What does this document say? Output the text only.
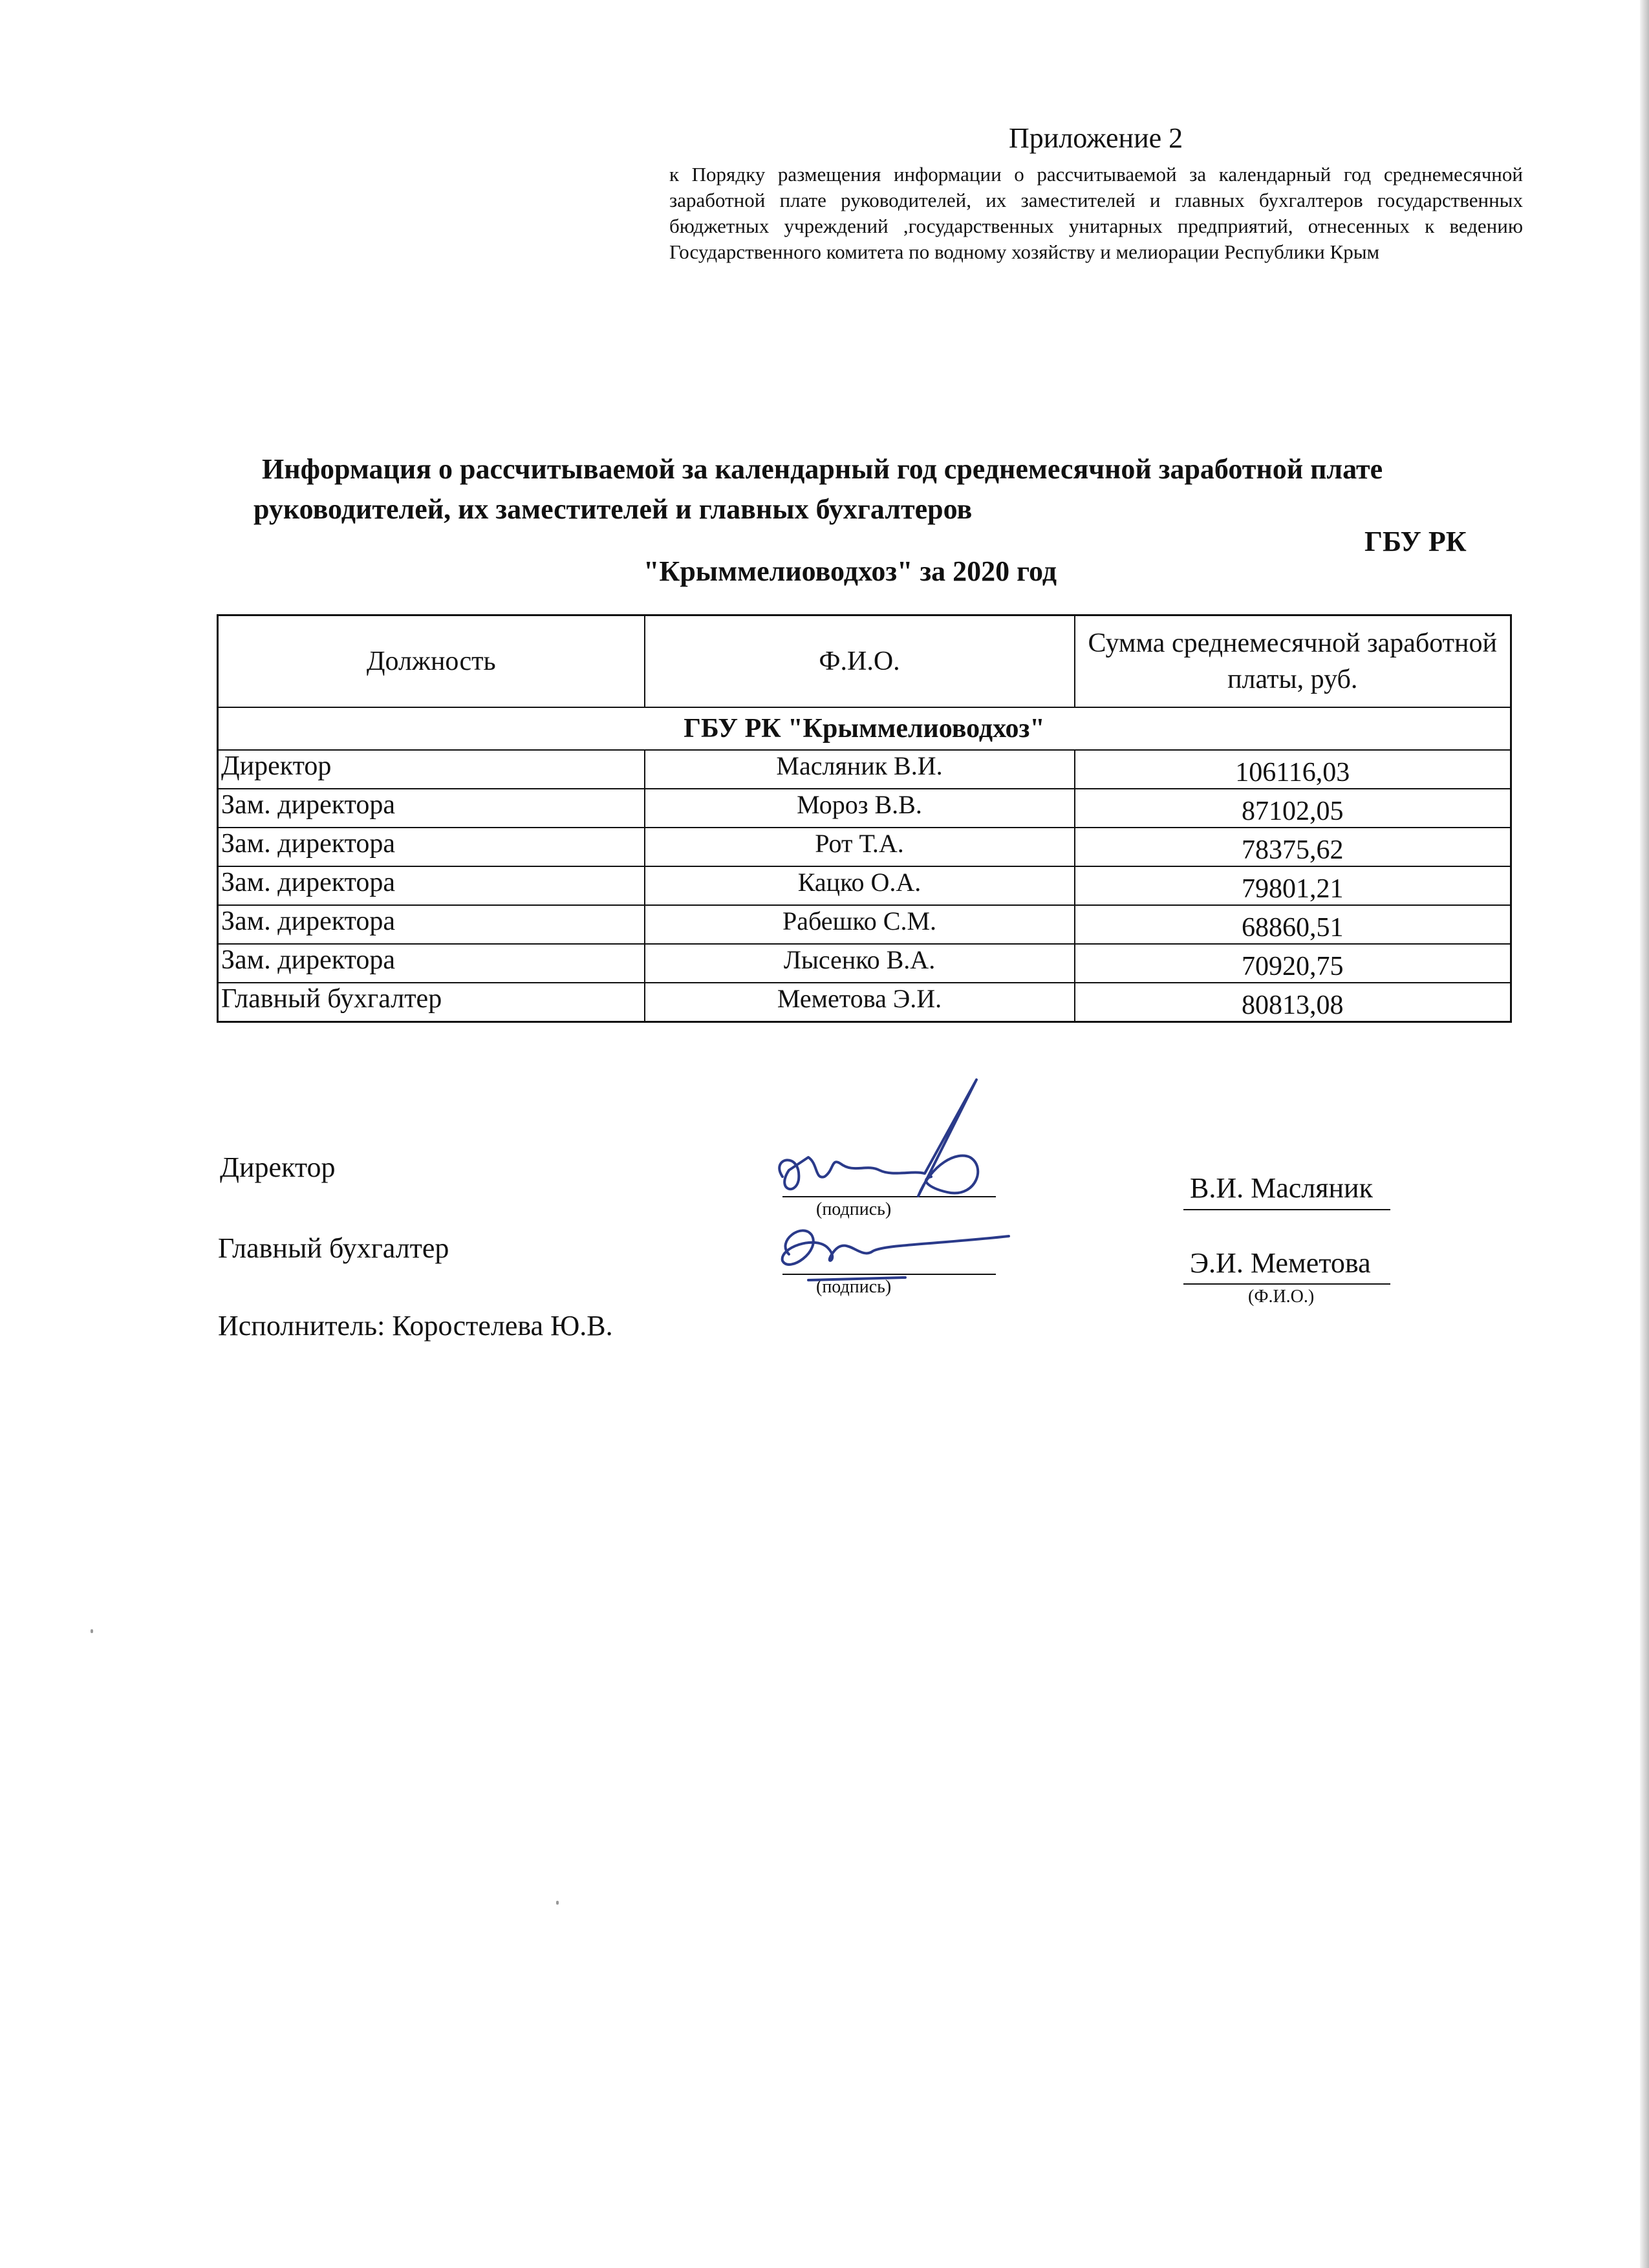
Приложение 2
к Порядку размещения информации о рассчитываемой за календарный год среднемесячной заработной плате руководителей, их заместителей и главных бухгалтеров государственных бюджетных учреждений ,государственных унитарных предприятий, отнесенных к ведению Государственного комитета по водному хозяйству и мелиорации Республики Крым
Информация о рассчитываемой за календарный год среднемесячной заработной плате
руководителей, их заместителей и главных бухгалтеров
ГБУ РК
"Крыммелиоводхоз" за 2020 год
Должность	Ф.И.О.	Сумма среднемесячной заработной платы, руб.
ГБУ РК "Крыммелиоводхоз"		
Директор	Масляник В.И.	106116,03
Зам. директора	Мороз В.В.	87102,05
Зам. директора	Рот Т.А.	78375,62
Зам. директора	Кацко О.А.	79801,21
Зам. директора	Рабешко С.М.	68860,51
Зам. директора	Лысенко В.А.	70920,75
Главный бухгалтер	Меметова Э.И.	80813,08
Директор
Главный бухгалтер
Исполнитель: Коростелева Ю.В.
(подпись)
(подпись)
В.И. Масляник
Э.И. Меметова
(Ф.И.О.)
